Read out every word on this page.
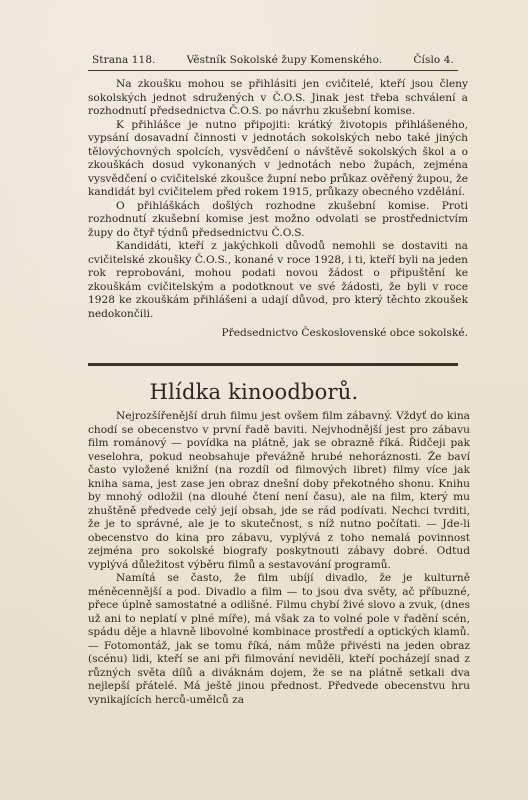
Strana 118.	Věstník Sokolské župy Komenského.	Číslo 4.

Na zkoušku mohou se přihlásiti jen cvičitelé, kteří jsou členy sokolských jednot sdružených v Č.O.S. Jinak jest třeba schválení a rozhodnutí předsednictva Č.O.S. po návrhu zkušební komise.

K přihlášce je nutno připojiti: krátký životopis přihlášeného, vypsání dosavadní činnosti v jednotách sokolských nebo také jiných tělovýchovných spolcích, vysvědčení o návštěvě sokolských škol a o zkouškách dosud vykonaných v jednotách nebo župách, zejména vysvědčení o cvičitelské zkoušce župní nebo průkaz ověřený župou, že kandidát byl cvičitelem před rokem 1915, průkazy obecného vzdělání.

O přihláškách došlých rozhodne zkušební komise. Proti rozhodnutí zkušební komise jest možno odvolati se prostřednictvím župy do čtyř týdnů předsednictvu Č.O.S.

Kandidáti, kteří z jakýchkoli důvodů nemohli se dostaviti na cvičitelské zkoušky Č.O.S., konané v roce 1928, i ti, kteří byli na jeden rok reprobováni, mohou podati novou žádost o připuštění ke zkouškám cvičitelským a podotknout ve své žádosti, že byli v roce 1928 ke zkouškám přihlášeni a udají důvod, pro který těchto zkoušek nedokončili.

Předsednictvo Československé obce sokolské.

Hlídka kinoodborů.

Nejrozšířenější druh filmu jest ovšem film zábavný. Vždyť do kina chodí se obecenstvo v první řadě baviti. Nejvhodnější jest pro zábavu film románový — povídka na plátně, jak se obrazně říká. Řidčeji pak veselohra, pokud neobsahuje převážně hrubé nehoráznosti. Že baví často vyložené knižní (na rozdíl od filmových libret) filmy více jak kniha sama, jest zase jen obraz dnešní doby překotného shonu. Knihu by mnohý odložil (na dlouhé čtení není času), ale na film, který mu zhuštěně předvede celý její obsah, jde se rád podívati. Nechci tvrditi, že je to správné, ale je to skutečnost, s níž nutno počítati. — Jde-li obecenstvo do kina pro zábavu, vyplývá z toho nemalá povinnost zejména pro sokolské biografy poskytnouti zábavy dobré. Odtud vyplývá důležitost výběru filmů a sestavování programů.

Namítá se často, že film ubíjí divadlo, že je kulturně méněcennější a pod. Divadlo a film — to jsou dva světy, ač příbuzné, přece úplně samostatné a odlišné. Filmu chybí živé slovo a zvuk, (dnes už ani to neplatí v plné míře), má však za to volné pole v řadění scén, spádu děje a hlavně libovolné kombinace prostředí a optických klamů. — Fotomontáž, jak se tomu říká, nám může přivésti na jeden obraz (scénu) lidi, kteří se ani při filmování neviděli, kteří pocházejí snad z různých světa dílů a diváknám dojem, že se na plátně setkali dva nejlepší přátelé. Má ještě jinou přednost. Předvede obecenstvu hru vynikajících herců-umělců za
